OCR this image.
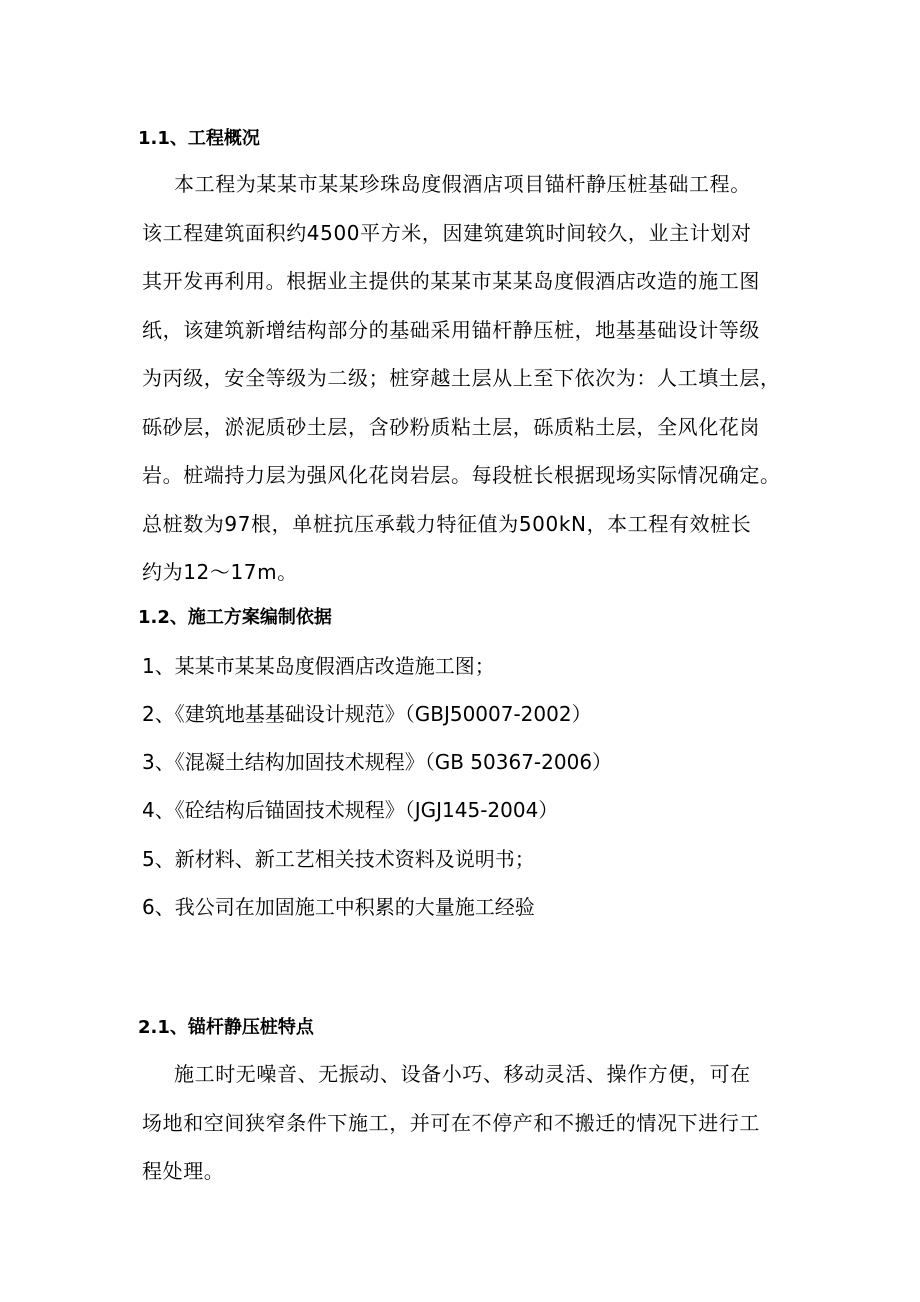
1.1、工程概况
本工程为某某市某某珍珠岛度假酒店项目锚杆静压桩基础工程。
该工程建筑面积约4500平方米，因建筑建筑时间较久，业主计划对
其开发再利用。根据业主提供的某某市某某岛度假酒店改造的施工图
纸，该建筑新增结构部分的基础采用锚杆静压桩，地基基础设计等级
为丙级，安全等级为二级；桩穿越土层从上至下依次为：人工填土层，
砾砂层，淤泥质砂土层，含砂粉质粘土层，砾质粘土层，全风化花岗
岩。桩端持力层为强风化花岗岩层。每段桩长根据现场实际情况确定。
总桩数为97根，单桩抗压承载力特征值为500kN，本工程有效桩长
约为12～17m。
1.2、施工方案编制依据
1、某某市某某岛度假酒店改造施工图；
2、《建筑地基基础设计规范》（GBJ50007-2002）
3、《混凝土结构加固技术规程》（GB 50367-2006）
4、《砼结构后锚固技术规程》（JGJ145-2004）
5、新材料、新工艺相关技术资料及说明书；
6、我公司在加固施工中积累的大量施工经验
2.1、锚杆静压桩特点
施工时无噪音、无振动、设备小巧、移动灵活、操作方便，可在
场地和空间狭窄条件下施工，并可在不停产和不搬迁的情况下进行工
程处理。
